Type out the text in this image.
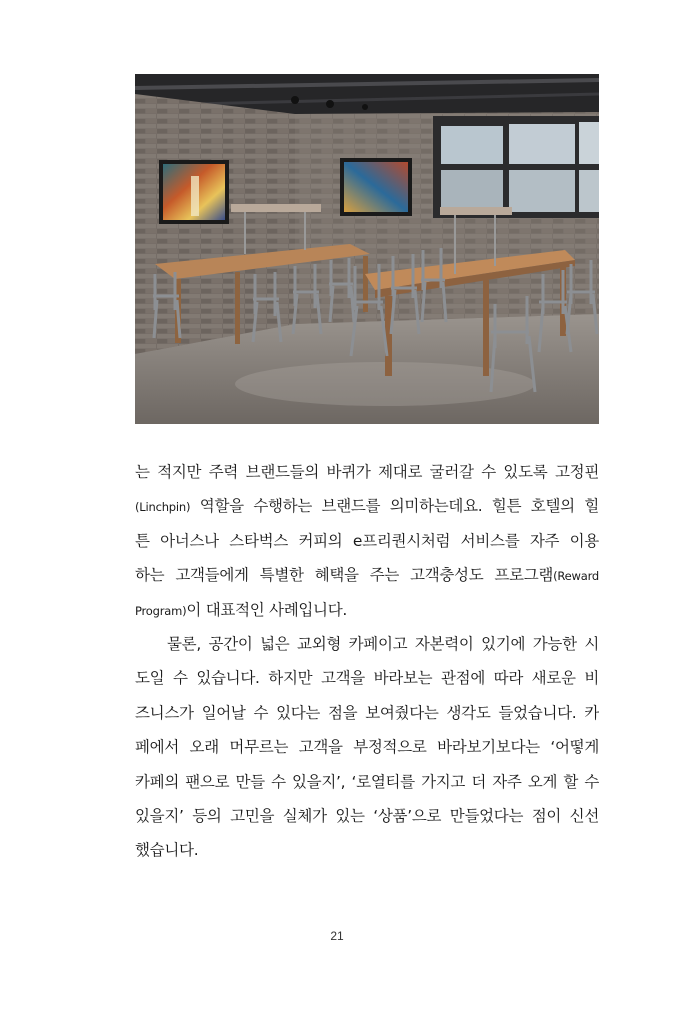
는 적지만 주력 브랜드들의 바퀴가 제대로 굴러갈 수 있도록 고정핀
(Linchpin) 역할을 수행하는 브랜드를 의미하는데요. 힐튼 호텔의 힐
튼 아너스나 스타벅스 커피의 e프리퀀시처럼 서비스를 자주 이용
하는 고객들에게 특별한 혜택을 주는 고객충성도 프로그램(Reward
Program)이 대표적인 사례입니다.
물론, 공간이 넓은 교외형 카페이고 자본력이 있기에 가능한 시
도일 수 있습니다. 하지만 고객을 바라보는 관점에 따라 새로운 비
즈니스가 일어날 수 있다는 점을 보여줬다는 생각도 들었습니다. 카
페에서 오래 머무르는 고객을 부정적으로 바라보기보다는 ‘어떻게
카페의 팬으로 만들 수 있을지’, ‘로열티를 가지고 더 자주 오게 할 수
있을지’ 등의 고민을 실체가 있는 ‘상품’으로 만들었다는 점이 신선
했습니다.
21
